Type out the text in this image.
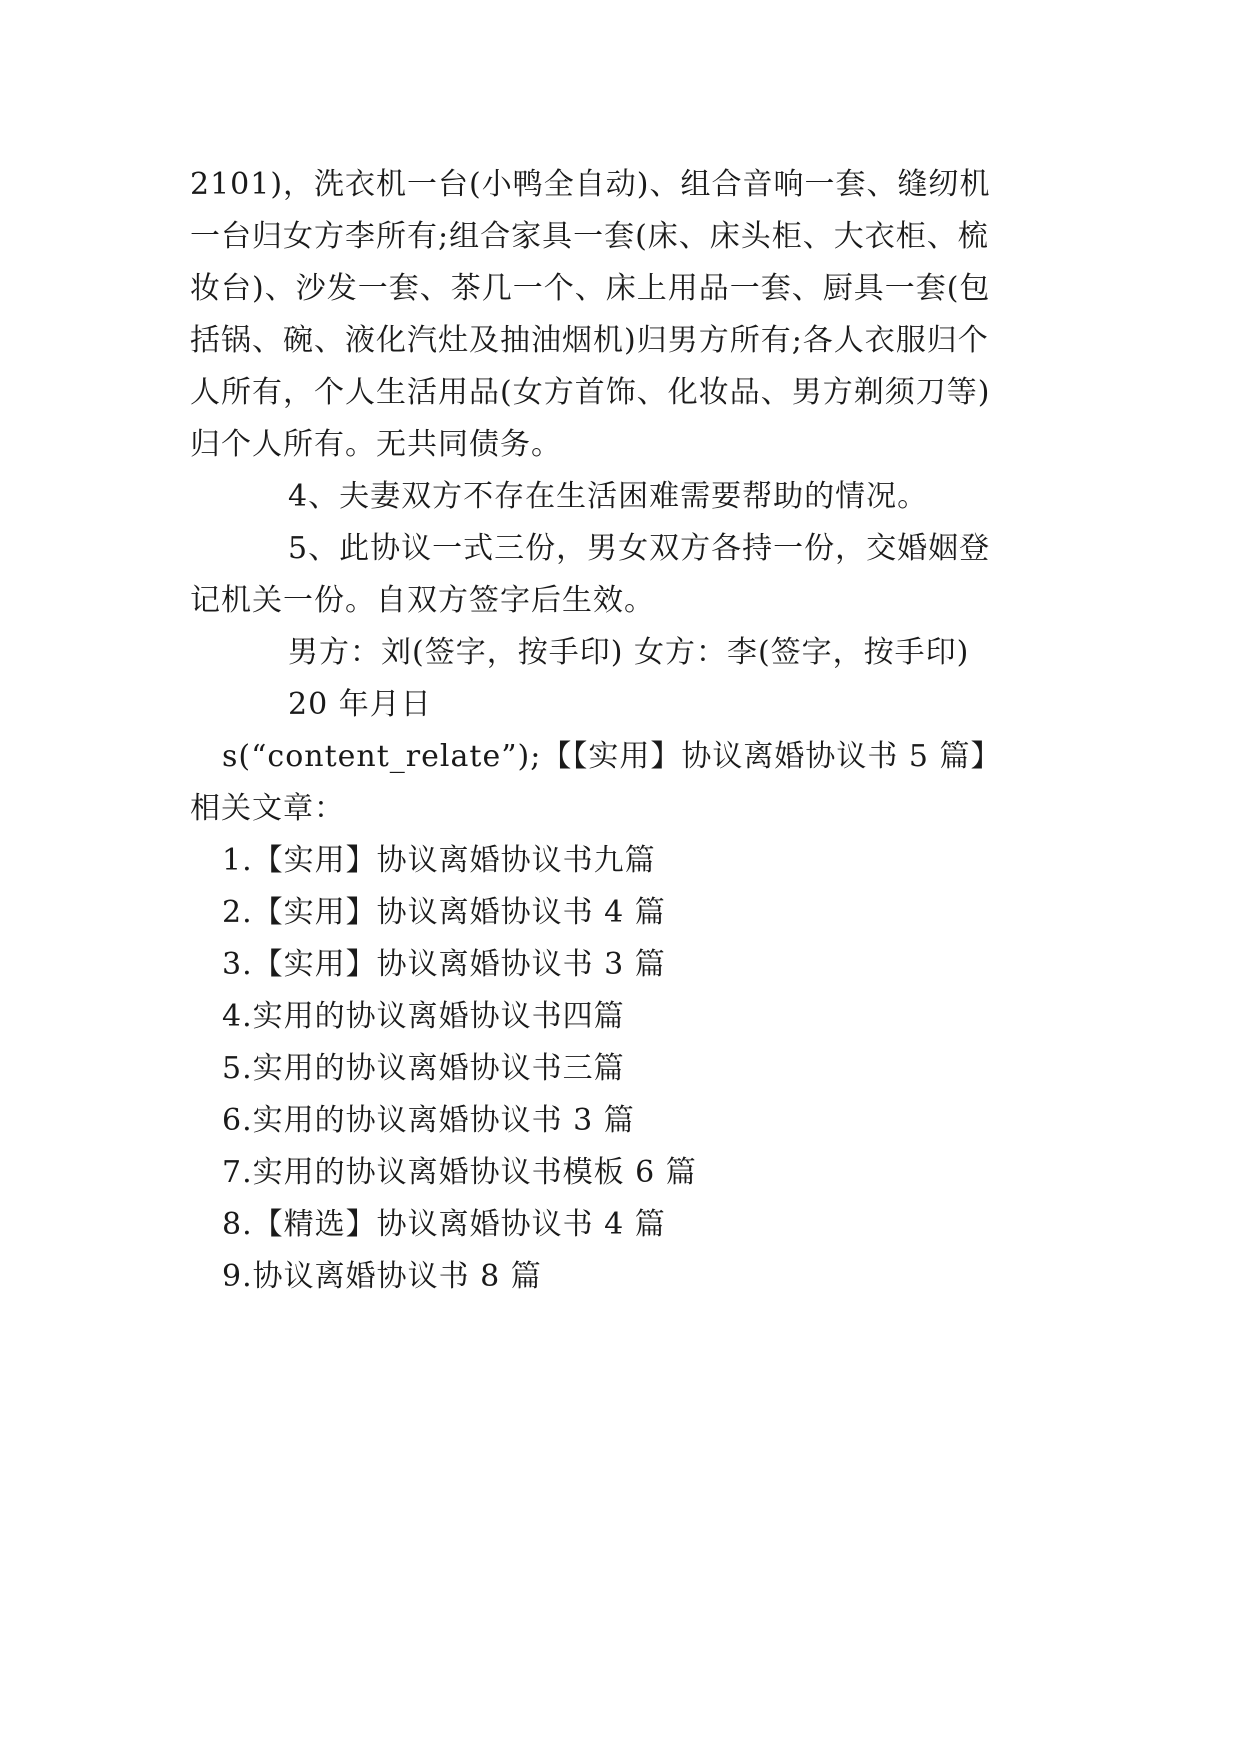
2101)，洗衣机一台(小鸭全自动)、组合音响一套、缝纫机
一台归女方李所有;组合家具一套(床、床头柜、大衣柜、梳
妆台)、沙发一套、茶几一个、床上用品一套、厨具一套(包
括锅、碗、液化汽灶及抽油烟机)归男方所有;各人衣服归个
人所有，个人生活用品(女方首饰、化妆品、男方剃须刀等)
归个人所有。无共同债务。
4、夫妻双方不存在生活困难需要帮助的情况。
5、此协议一式三份，男女双方各持一份，交婚姻登
记机关一份。自双方签字后生效。
男方：刘(签字，按手印) 女方：李(签字，按手印)
20 年月日
s(“content_relate”);【【实用】协议离婚协议书 5 篇】
相关文章：
1.【实用】协议离婚协议书九篇
2.【实用】协议离婚协议书 4 篇
3.【实用】协议离婚协议书 3 篇
4.实用的协议离婚协议书四篇
5.实用的协议离婚协议书三篇
6.实用的协议离婚协议书 3 篇
7.实用的协议离婚协议书模板 6 篇
8.【精选】协议离婚协议书 4 篇
9.协议离婚协议书 8 篇
